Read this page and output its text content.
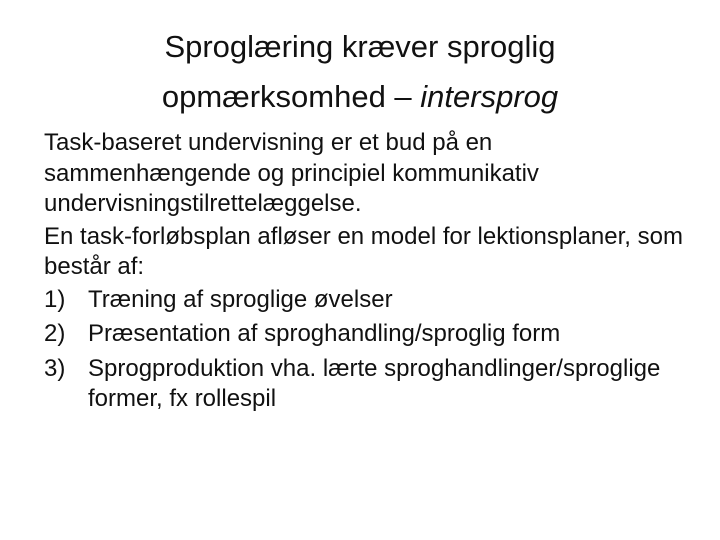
Sproglæring kræver sproglig
opmærksomhed – intersprog

Task-baseret undervisning er et bud på en sammenhængende og principiel kommunikativ undervisningstilrettelæggelse.

En task-forløbsplan afløser en model for lektionsplaner, som består af:

1) Træning af sproglige øvelser
2) Præsentation af sproghandling/sproglig form
3) Sprogproduktion vha. lærte sproghandlinger/sproglige former, fx rollespil
